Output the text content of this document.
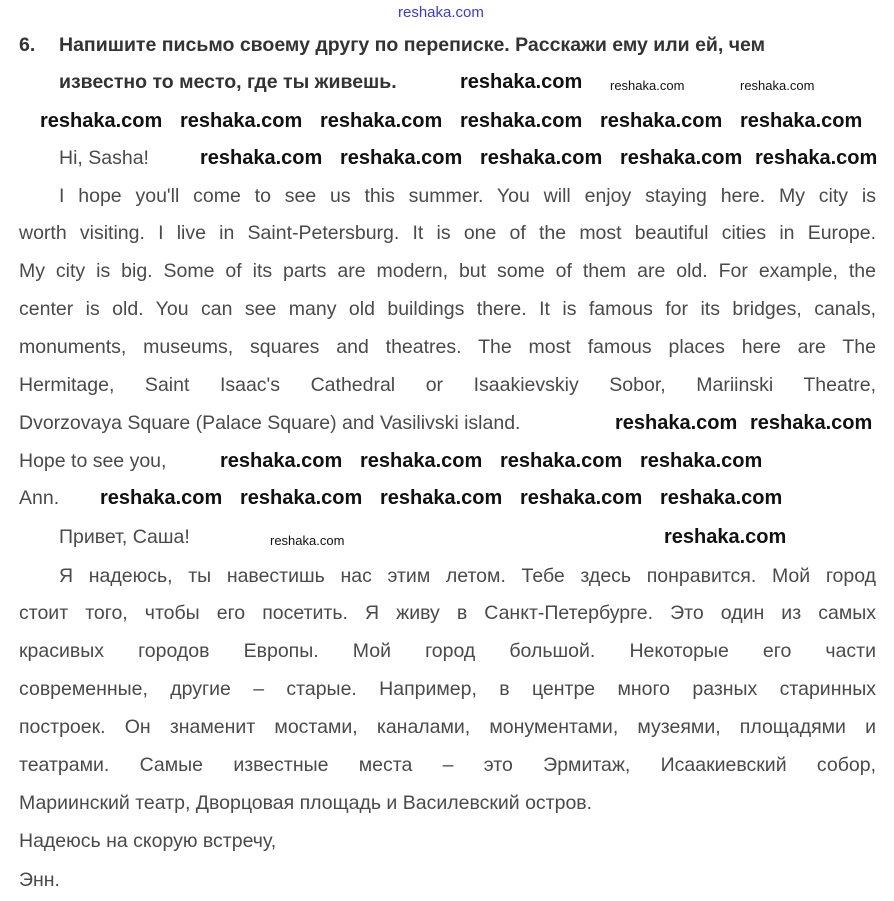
6. Напишите письмо своему другу по переписке. Расскажи ему или ей, чем
известно то место, где ты живешь.
Hi, Sasha!
I hope you'll come to see us this summer. You will enjoy staying here. My city is
worth visiting. I live in Saint-Petersburg. It is one of the most beautiful cities in Europe.
My city is big. Some of its parts are modern, but some of them are old. For example, the
center is old. You can see many old buildings there. It is famous for its bridges, canals,
monuments, museums, squares and theatres. The most famous places here are The
Hermitage, Saint Isaac's Cathedral or Isaakievskiy Sobor, Mariinski Theatre,
Dvorzovaya Square (Palace Square) and Vasilivski island.
Hope to see you,
Ann.
Привет, Саша!
Я надеюсь, ты навестишь нас этим летом. Тебе здесь понравится. Мой город
стоит того, чтобы его посетить. Я живу в Санкт-Петербурге. Это один из самых
красивых городов Европы. Мой город большой. Некоторые его части
современные, другие – старые. Например, в центре много разных старинных
построек. Он знаменит мостами, каналами, монументами, музеями, площадями и
театрами. Самые известные места – это Эрмитаж, Исаакиевский собор,
Мариинский театр, Дворцовая площадь и Василевский остров.
Надеюсь на скорую встречу,
Энн.
reshaka.com
reshaka.com reshaka.com	reshaka.com
reshaka.com reshaka.com reshaka.com reshaka.com reshaka.com reshaka.com
reshaka.com reshaka.com reshaka.com reshaka.com reshaka.com
reshaka.com reshaka.com
reshaka.com reshaka.com reshaka.com reshaka.com
reshaka.com reshaka.com reshaka.com reshaka.com reshaka.com
reshaka.com	reshaka.com
